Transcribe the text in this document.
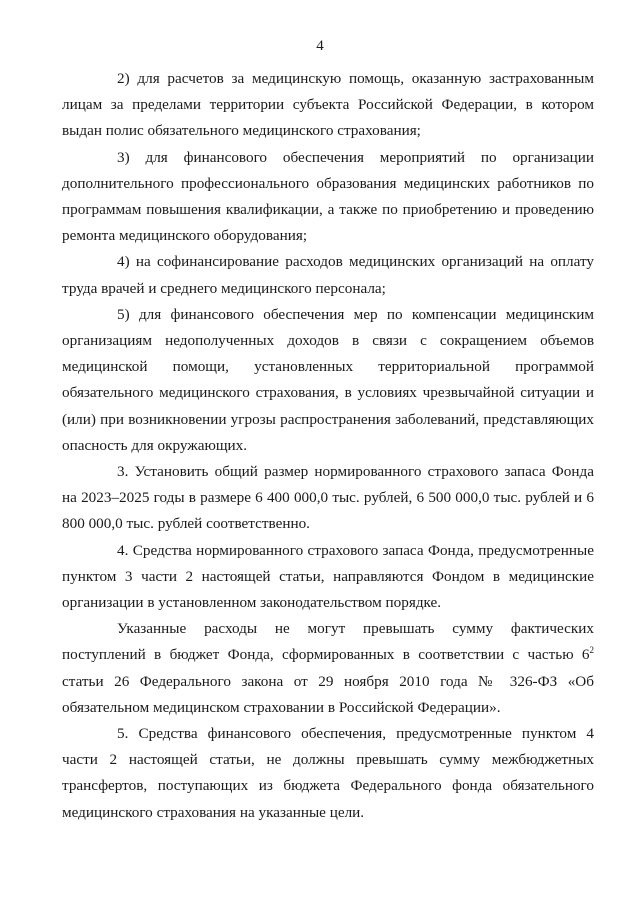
4

2) для расчетов за медицинскую помощь, оказанную застрахованным лицам за пределами территории субъекта Российской Федерации, в котором выдан полис обязательного медицинского страхования;

3) для финансового обеспечения мероприятий по организации дополнительного профессионального образования медицинских работников по программам повышения квалификации, а также по приобретению и проведению ремонта медицинского оборудования;

4) на софинансирование расходов медицинских организаций на оплату труда врачей и среднего медицинского персонала;

5) для финансового обеспечения мер по компенсации медицинским организациям недополученных доходов в связи с сокращением объемов медицинской помощи, установленных территориальной программой обязательного медицинского страхования, в условиях чрезвычайной ситуации и (или) при возникновении угрозы распространения заболеваний, представляющих опасность для окружающих.

3. Установить общий размер нормированного страхового запаса Фонда на 2023–2025 годы в размере 6 400 000,0 тыс. рублей, 6 500 000,0 тыс. рублей и 6 800 000,0 тыс. рублей соответственно.

4. Средства нормированного страхового запаса Фонда, предусмотренные пунктом 3 части 2 настоящей статьи, направляются Фондом в медицинские организации в установленном законодательством порядке.

Указанные расходы не могут превышать сумму фактических поступлений в бюджет Фонда, сформированных в соответствии с частью $6^2$ статьи 26 Федерального закона от 29 ноября 2010 года № 326-ФЗ «Об обязательном медицинском страховании в Российской Федерации».

5. Средства финансового обеспечения, предусмотренные пунктом 4 части 2 настоящей статьи, не должны превышать сумму межбюджетных трансфертов, поступающих из бюджета Федерального фонда обязательного медицинского страхования на указанные цели.
